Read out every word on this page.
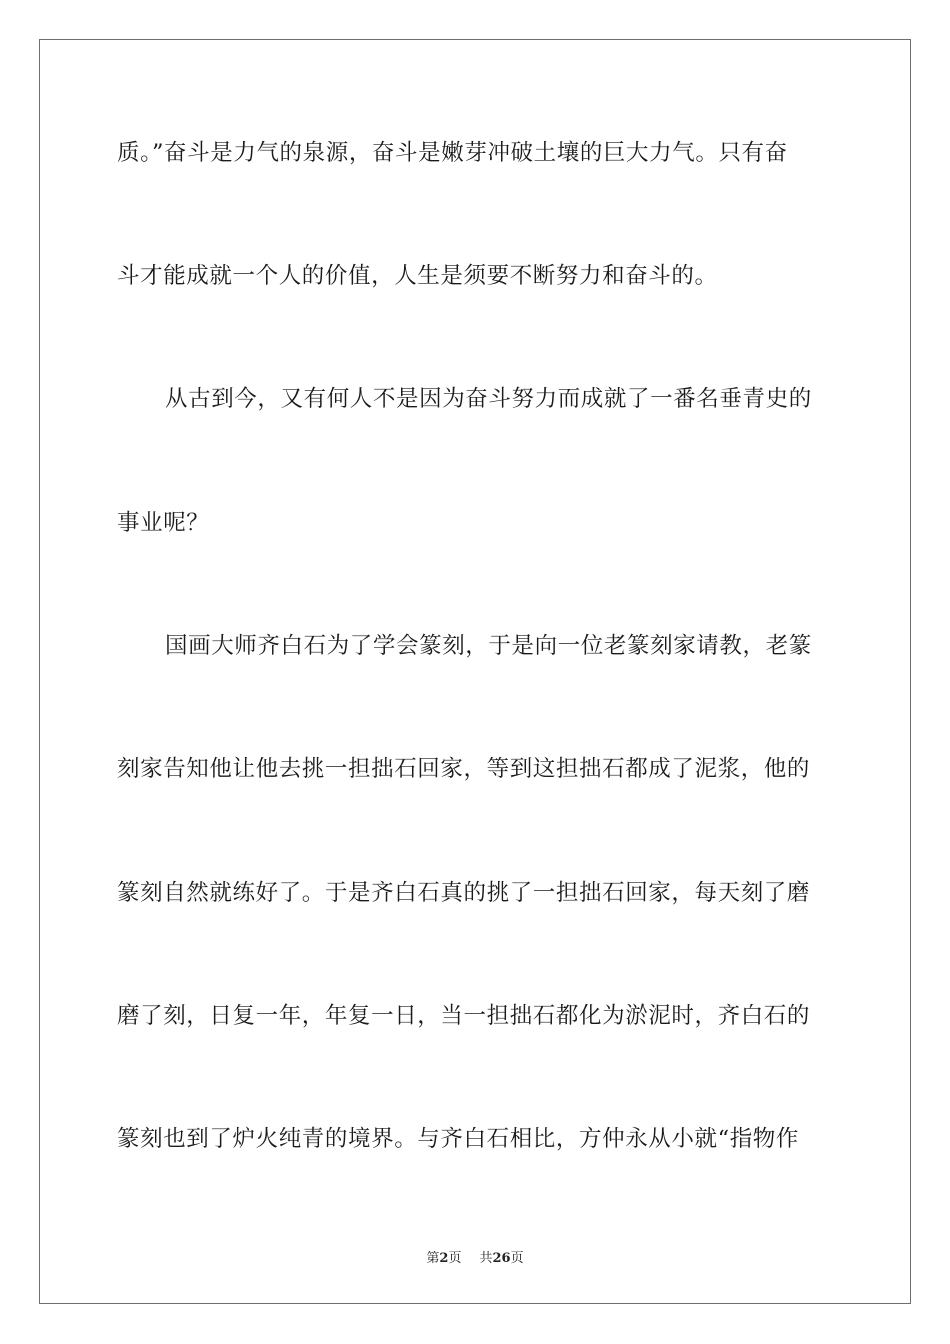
质。”奋斗是力气的泉源，奋斗是嫩芽冲破土壤的巨大力气。只有奋
斗才能成就一个人的价值，人生是须要不断努力和奋斗的。
从古到今，又有何人不是因为奋斗努力而成就了一番名垂青史的
事业呢？
国画大师齐白石为了学会篆刻，于是向一位老篆刻家请教，老篆
刻家告知他让他去挑一担拙石回家，等到这担拙石都成了泥浆，他的
篆刻自然就练好了。于是齐白石真的挑了一担拙石回家，每天刻了磨
磨了刻，日复一年，年复一日，当一担拙石都化为淤泥时，齐白石的
篆刻也到了炉火纯青的境界。与齐白石相比，方仲永从小就“指物作
第2页 共26页
